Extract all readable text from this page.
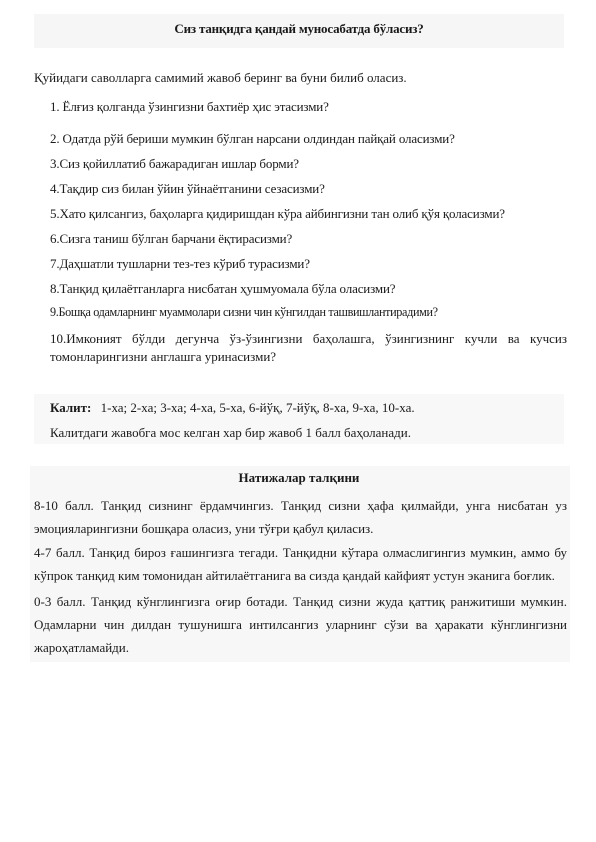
Сиз танқидга қандай муносабатда бўласиз?
Қуйидаги саволларга самимий жавоб беринг ва буни билиб оласиз.
1. Ёлғиз қолганда ўзингизни бахтиёр ҳис этасизми?
2. Одатда рўй бериши мумкин бўлган нарсани олдиндан пайқай оласизми?
3.Сиз қойиллатиб бажарадиган ишлар борми?
4.Тақдир сиз билан ўйин ўйнаётганини сезасизми?
5.Хато қилсангиз, баҳоларга қидиришдан кўра айбингизни тан олиб қўя қоласизми?
6.Сизга таниш бўлган барчани ёқтирасизми?
7.Даҳшатли тушларни тез-тез кўриб турасизми?
8.Танқид қилаётганларга нисбатан ҳушмуомала бўла оласизми?
9.Бошқа одамларнинг муаммолари сизни чин кўнгилдан ташвишлантирадими?
10.Имконият бўлди дегунча ўз-ўзингизни баҳолашга, ўзингизнинг кучли ва кучсиз
томонларингизни англашга уринасизми?
Калит: 1-ха; 2-ха; 3-ха; 4-ха, 5-ха, 6-йўқ, 7-йўқ, 8-ха, 9-ха, 10-ха.
Калитдаги жавобга мос келган хар бир жавоб 1 балл баҳоланади.
Натижалар талқини
8-10 балл. Танқид сизнинг ёрдамчингиз. Танқид сизни ҳафа қилмайди, унга нисбатан уз эмоцияларингизни бошқара оласиз, уни тўғри қабул қиласиз.
4-7 балл. Танқид бироз ғашингизга тегади. Танқидни кўтара олмаслигингиз мумкин, аммо бу кўпрок танқид ким томонидан айтилаётганига ва сизда қандай кайфият устун эканига боғлик.
0-3 балл. Танқид кўнглингизга оғир ботади. Танқид сизни жуда қаттиқ ранжитиши мумкин. Одамларни чин дилдан тушунишга интилсангиз уларнинг сўзи ва ҳаракати кўнглингизни жароҳатламайди.
